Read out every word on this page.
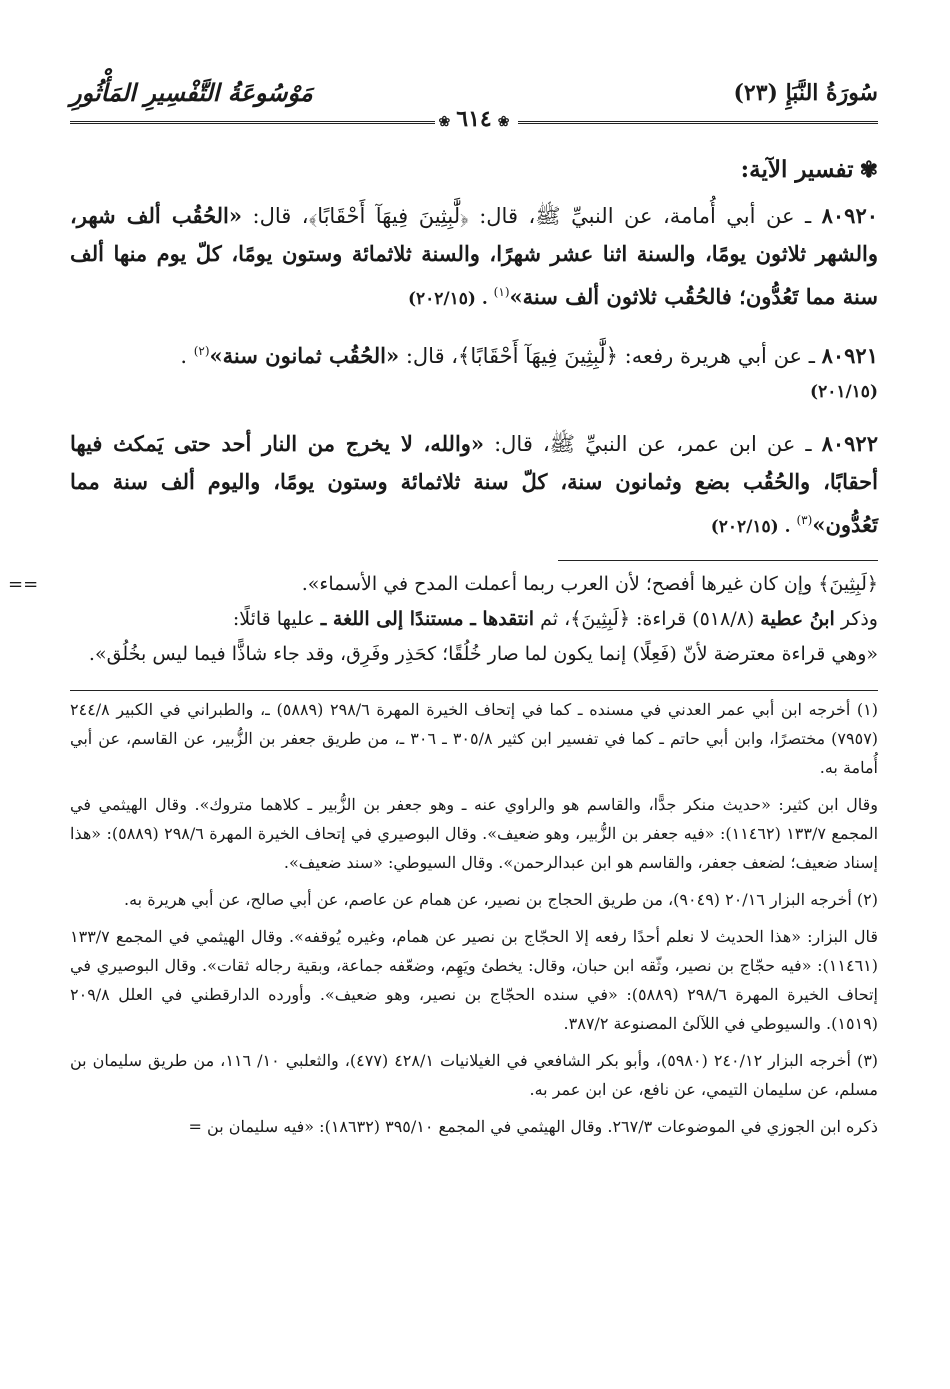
سُورَةُ النَّبَإِ (٢٣)
مَوْسُوعَةُ التَّفْسِيرِ المَأْثُورِ
❀٦١٤❀
✾تفسير الآية:
٨٠٩٢٠ ـ عن أبي أُمامة، عن النبيِّ ﷺ، قال: ﴿لَّٰبِثِينَ فِيهَآ أَحْقَابًا﴾، قال: «الحُقُب ألف شهر، والشهر ثلاثون يومًا، والسنة اثنا عشر شهرًا، والسنة ثلاثمائة وستون يومًا، كلّ يوم منها ألف سنة مما تَعُدُّون؛ فالحُقُب ثلاثون ألف سنة»$^{(١)}$ . (٢٠٢/١٥)
٨٠٩٢١ ـ عن أبي هريرة رفعه: ﴿لَّٰبِثِينَ فِيهَآ أَحْقَابًا﴾، قال: «الحُقُب ثمانون سنة»$^{(٢)}$ .
(٢٠١/١٥)
٨٠٩٢٢ ـ عن ابن عمر، عن النبيِّ ﷺ، قال: «والله، لا يخرج من النار أحد حتى يَمكث فيها أحقابًا، والحُقُب بضع وثمانون سنة، كلّ سنة ثلاثمائة وستون يومًا، واليوم ألف سنة مما تَعُدُّون»$^{(٣)}$ . (٢٠٢/١٥)
==	﴿لَبِثِينَ﴾ وإن كان غيرها أفصح؛ لأن العرب ربما أعملت المدح في الأسماء».
وذكر ابنُ عطية (٥١٨/٨) قراءة: ﴿لَبِثِينَ﴾، ثم انتقدها ـ مستندًا إلى اللغة ـ عليها قائلًا:
«وهي قراءة معترضة لأنّ (فَعِلًا) إنما يكون لما صار خُلُقًا؛ كحَذِر وفَرِق، وقد جاء شاذًّا فيما ليس بخُلُق».
(١) أخرجه ابن أبي عمر العدني في مسنده ـ كما في إتحاف الخيرة المهرة ٢٩٨/٦ (٥٨٨٩) ـ، والطبراني في الكبير ٢٤٤/٨ (٧٩٥٧) مختصرًا، وابن أبي حاتم ـ كما في تفسير ابن كثير ٣٠٥/٨ ـ ٣٠٦ ـ، من طريق جعفر بن الزُّبير، عن القاسم، عن أبي أُمامة به.
وقال ابن كثير: «حديث منكر جدًّا، والقاسم هو والراوي عنه ـ وهو جعفر بن الزُّبير ـ كلاهما متروك». وقال الهيثمي في المجمع ١٣٣/٧ (١١٤٦٢): «فيه جعفر بن الزُّبير، وهو ضعيف». وقال البوصيري في إتحاف الخيرة المهرة ٢٩٨/٦ (٥٨٨٩): «هذا إسناد ضعيف؛ لضعف جعفر، والقاسم هو ابن عبدالرحمن». وقال السيوطي: «سند ضعيف».
(٢) أخرجه البزار ٢٠/١٦ (٩٠٤٩)، من طريق الحجاج بن نصير، عن همام عن عاصم، عن أبي صالح، عن أبي هريرة به.
قال البزار: «هذا الحديث لا نعلم أحدًا رفعه إلا الحجّاج بن نصير عن همام، وغيره يُوقفه». وقال الهيثمي في المجمع ١٣٣/٧ (١١٤٦١): «فيه حجّاج بن نصير، وثّقه ابن حبان، وقال: يخطئ ويَهِم، وضعّفه جماعة، وبقية رجاله ثقات». وقال البوصيري في إتحاف الخيرة المهرة ٢٩٨/٦ (٥٨٨٩): «في سنده الحجّاج بن نصير، وهو ضعيف». وأورده الدارقطني في العلل ٢٠٩/٨ (١٥١٩). والسيوطي في اللآلئ المصنوعة ٣٨٧/٢.
(٣) أخرجه البزار ٢٤٠/١٢ (٥٩٨٠)، وأبو بكر الشافعي في الغيلانيات ٤٢٨/١ (٤٧٧)، والثعلبي ١٠/ ١١٦، من طريق سليمان بن مسلم، عن سليمان التيمي، عن نافع، عن ابن عمر به.
ذكره ابن الجوزي في الموضوعات ٢٦٧/٣. وقال الهيثمي في المجمع ٣٩٥/١٠ (١٨٦٣٢): «فيه سليمان بن =
